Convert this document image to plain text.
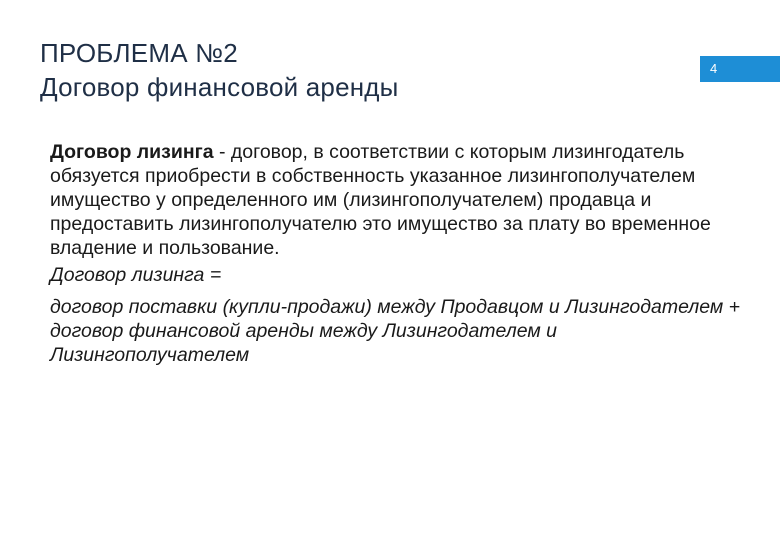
ПРОБЛЕМА №2
Договор финансовой аренды
4

Договор лизинга - договор, в соответствии с которым лизингодатель обязуется приобрести в собственность указанное лизингополучателем имущество у определенного им (лизингополучателем) продавца и предоставить лизингополучателю это имущество за плату во временное владение и пользование.

Договор лизинга =

договор поставки (купли-продажи) между Продавцом и Лизингодателем +

договор финансовой аренды между Лизингодателем и Лизингополучателем
